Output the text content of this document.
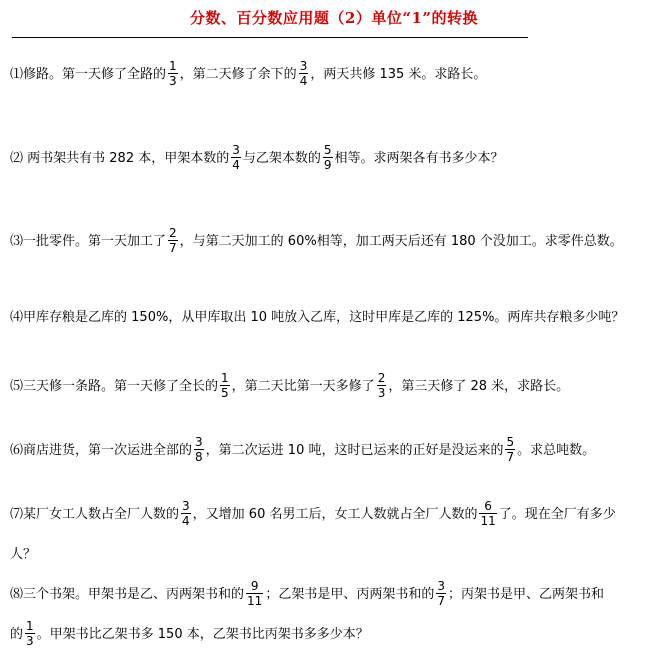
分数、百分数应用题（2）单位“1”的转换
⑴修路。第一天修了全路的 $\frac{1}{3}$ ，第二天修了余下的 $\frac{3}{4}$ ，两天共修 135 米。求路长。
⑵ 两书架共有书 282 本，甲架本数的 $\frac{3}{4}$ 与乙架本数的 $\frac{5}{9}$ 相等。求两架各有书多少本？
⑶一批零件。第一天加工了 $\frac{2}{7}$ ，与第二天加工的 60%相等，加工两天后还有 180 个没加工。求零件总数。
⑷甲库存粮是乙库的 150%，从甲库取出 10 吨放入乙库，这时甲库是乙库的 125%。两库共存粮多少吨？
⑸三天修一条路。第一天修了全长的 $\frac{1}{5}$ ，第二天比第一天多修了 $\frac{2}{3}$ ，第三天修了 28 米，求路长。
⑹商店进货，第一次运进全部的 $\frac{3}{8}$ ，第二次运进 10 吨，这时已运来的正好是没运来的 $\frac{5}{7}$ 。求总吨数。
⑺某厂女工人数占全厂人数的 $\frac{3}{4}$ ，又增加 60 名男工后，女工人数就占全厂人数的 $\frac{6}{11}$ 了。现在全厂有多少
人？
⑻三个书架。甲架书是乙、丙两架书和的 $\frac{9}{11}$ ；乙架书是甲、丙两架书和的 $\frac{3}{7}$ ；丙架书是甲、乙两架书和
的 $\frac{1}{3}$ 。甲架书比乙架书多 150 本，乙架书比丙架书多多少本？
